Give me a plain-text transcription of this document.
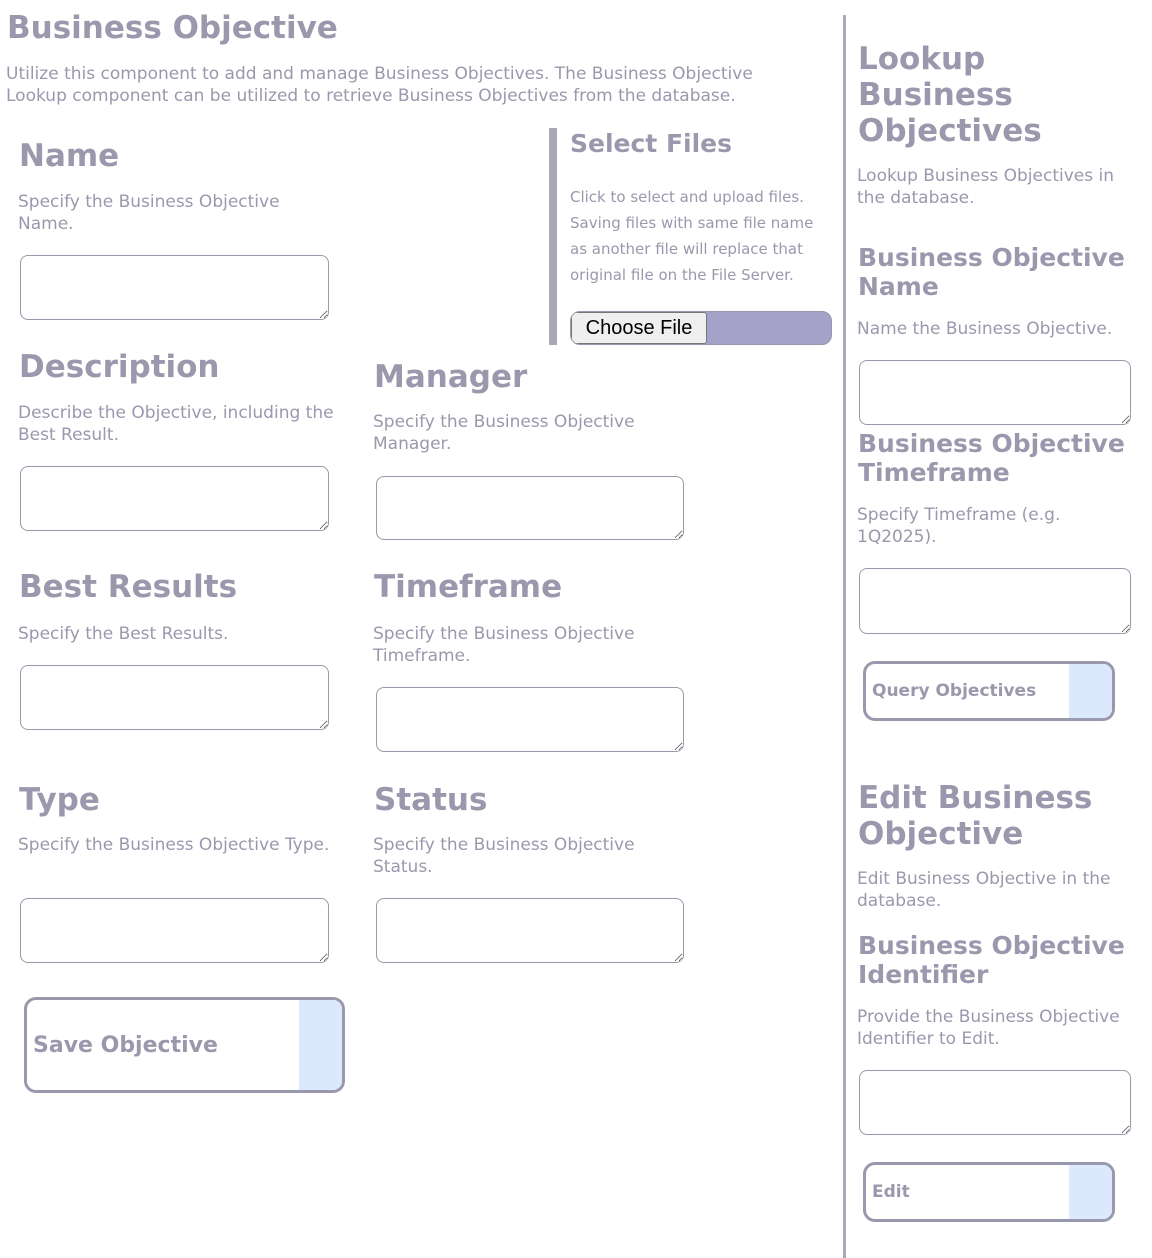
Business Objective

Utilize this component to add and manage Business Objectives. The Business Objective Lookup component can be utilized to retrieve Business Objectives from the database.

Name

Specify the Business Objective Name.

Select Files

Click to select and upload files. Saving files with same file name as another file will replace that original file on the File Server.

Choose File
Description

Describe the Objective, including the Best Result.

Manager

Specify the Business Objective Manager.

Best Results

Specify the Best Results.

Timeframe

Specify the Business Objective Timeframe.

Type

Specify the Business Objective Type.

Status

Specify the Business Objective Status.

Save Objective
Lookup Business Objectives

Lookup Business Objectives in the database.

Business Objective Name

Name the Business Objective.

Business Objective Timeframe

Specify Timeframe (e.g. 1Q2025).

Query Objectives
Edit Business Objective

Edit Business Objective in the database.

Business Objective Identifier

Provide the Business Objective Identifier to Edit.

Edit
